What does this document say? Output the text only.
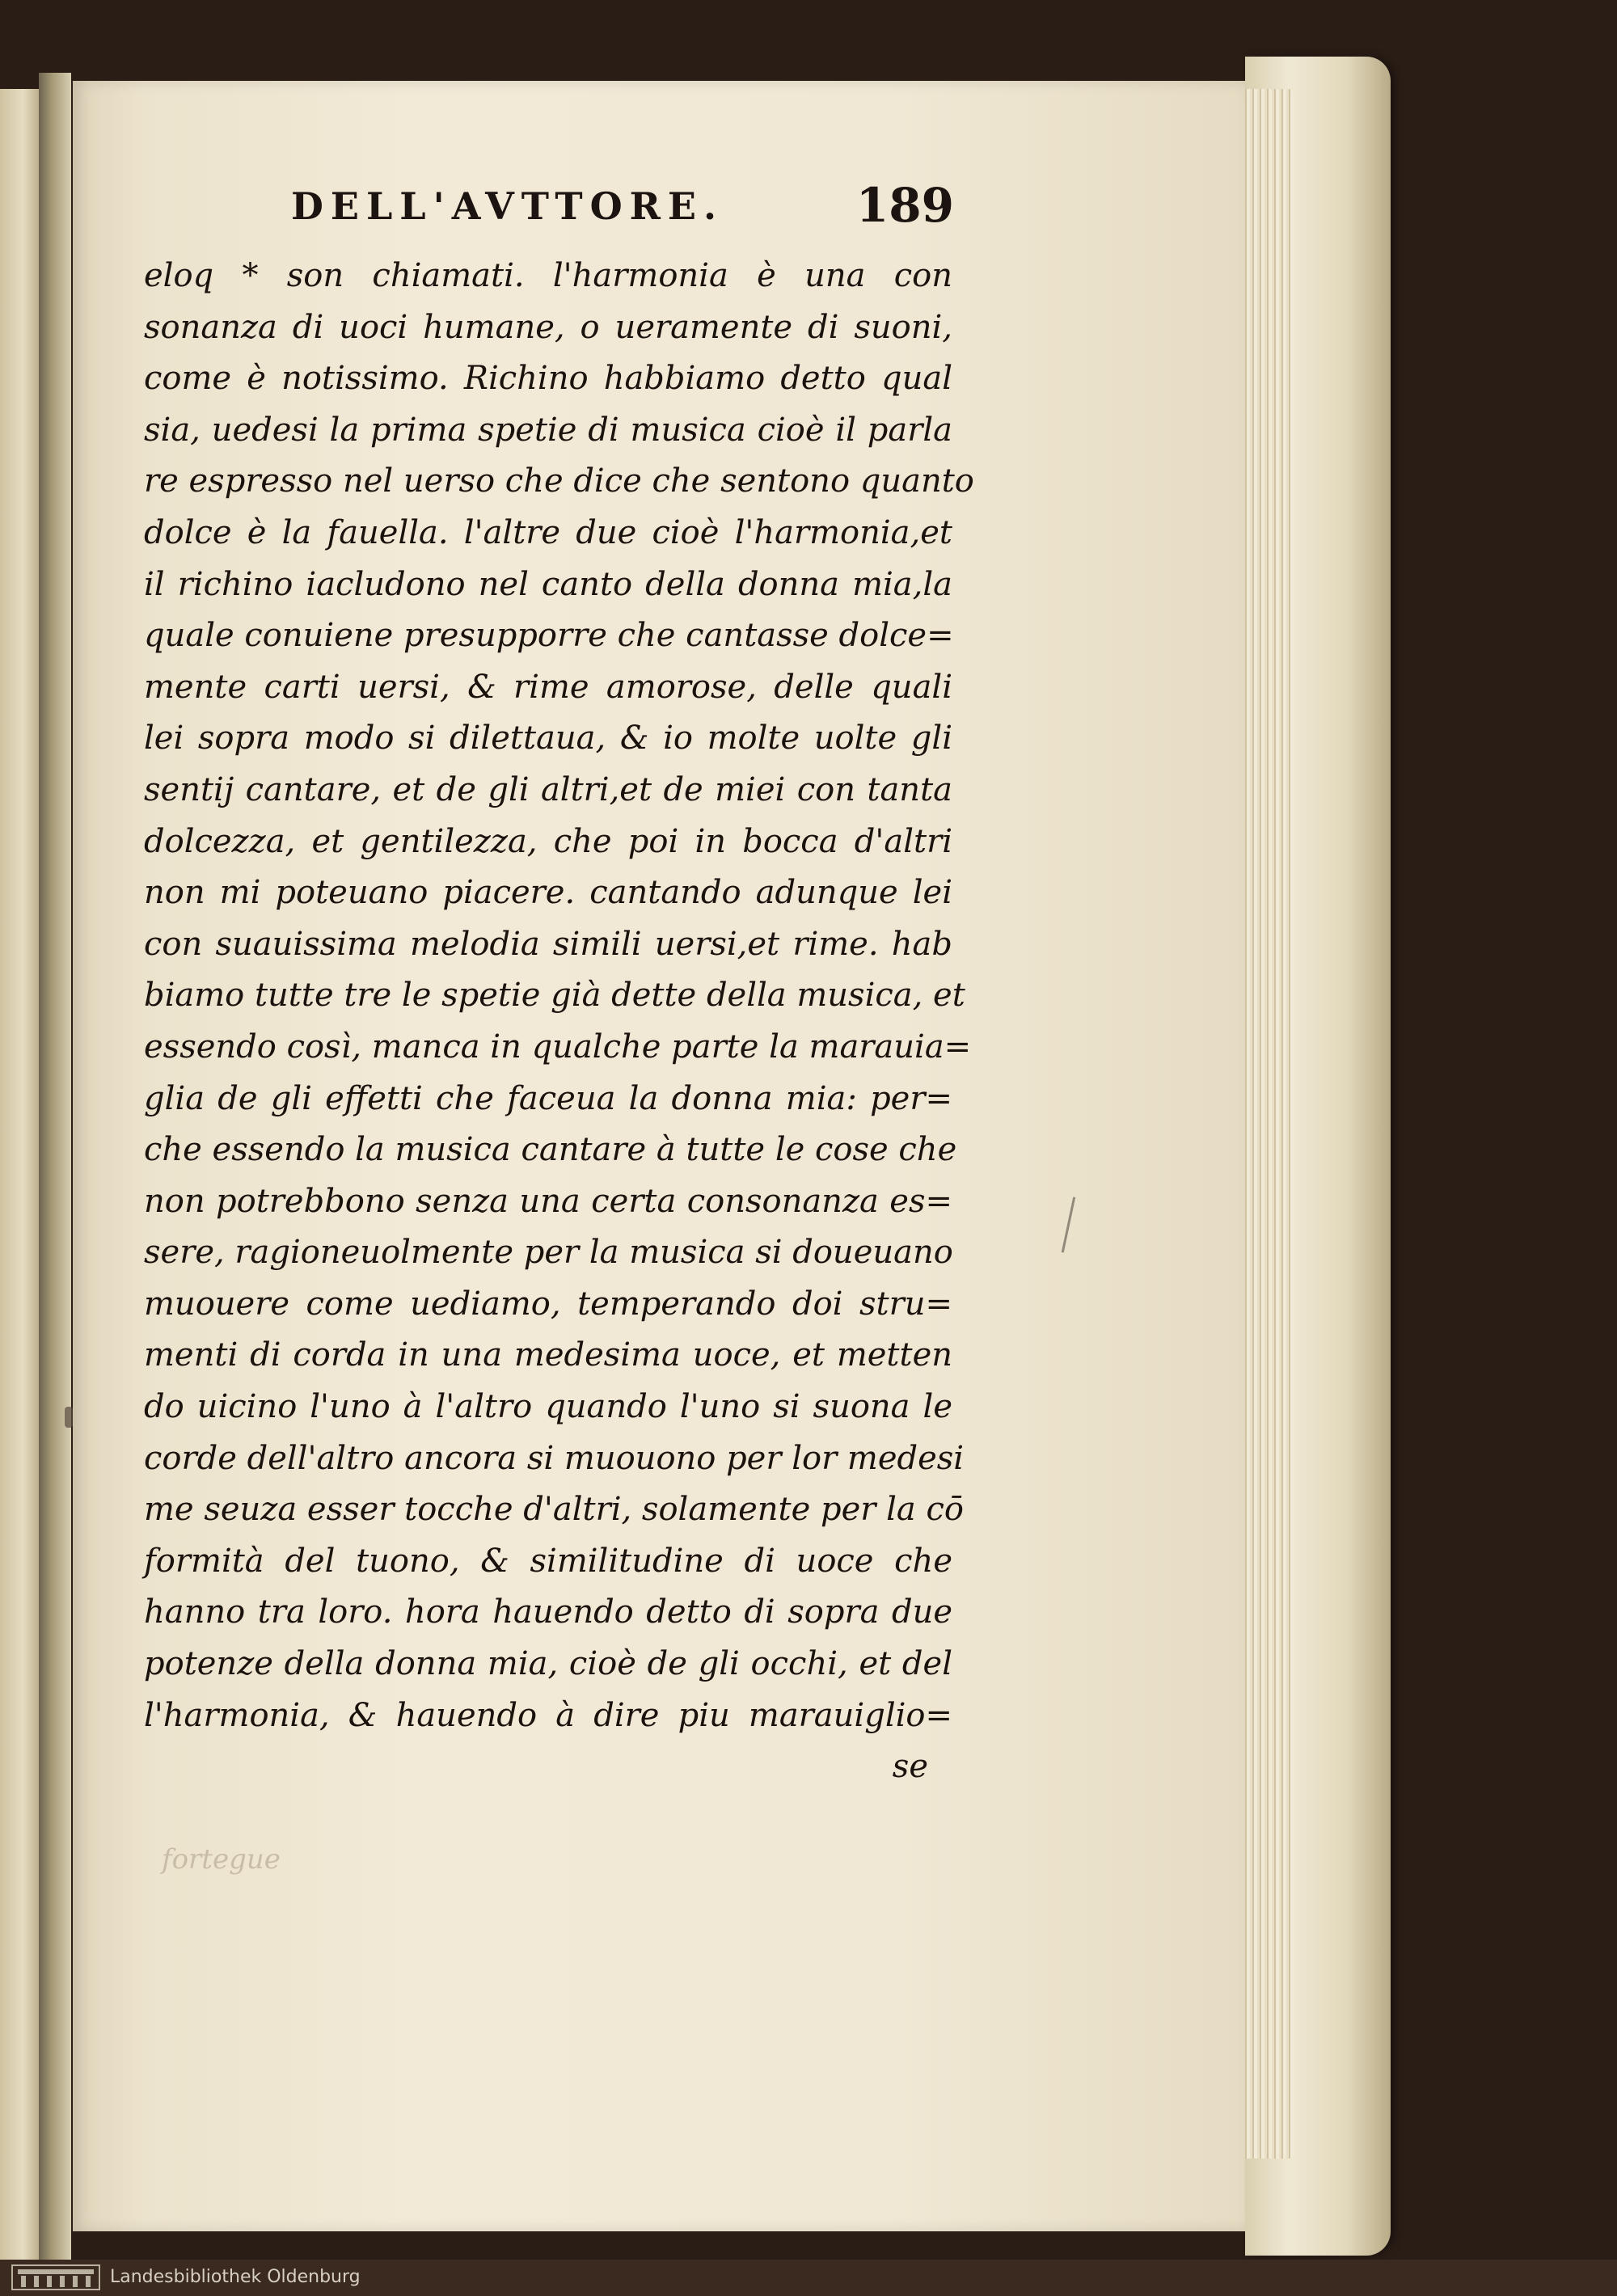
DELL'AVTTORE.	189
eloq * son chiamati. l'harmonia è una con
sonanza di uoci humane, o ueramente di suoni,
come è notissimo. Richino habbiamo detto qual
sia, uedesi la prima spetie di musica cioè il parla
re espresso nel uerso che dice che sentono quanto
dolce è la fauella. l'altre due cioè l'harmonia,et
il richino iacludono nel canto della donna mia,la
quale conuiene presupporre che cantasse dolce=
mente carti uersi, & rime amorose, delle quali
lei sopra modo si dilettaua, & io molte uolte gli
sentij cantare, et de gli altri,et de miei con tanta
dolcezza, et gentilezza, che poi in bocca d'altri
non mi poteuano piacere. cantando adunque lei
con suauissima melodia simili uersi,et rime. hab
biamo tutte tre le spetie già dette della musica, et
essendo così, manca in qualche parte la marauia=
glia de gli effetti che faceua la donna mia: per=
che essendo la musica cantare à tutte le cose che
non potrebbono senza una certa consonanza es=
sere, ragioneuolmente per la musica si doueuano
muouere come uediamo, temperando doi stru=
menti di corda in una medesima uoce, et metten
do uicino l'uno à l'altro quando l'uno si suona le
corde dell'altro ancora si muouono per lor medesi
me seuza esser tocche d'altri, solamente per la cō
formità del tuono, & similitudine di uoce che
hanno tra loro. hora hauendo detto di sopra due
potenze della donna mia, cioè de gli occhi, et del
l'harmonia, & hauendo à dire piu marauiglio=
se
fortegue
Landesbibliothek Oldenburg
